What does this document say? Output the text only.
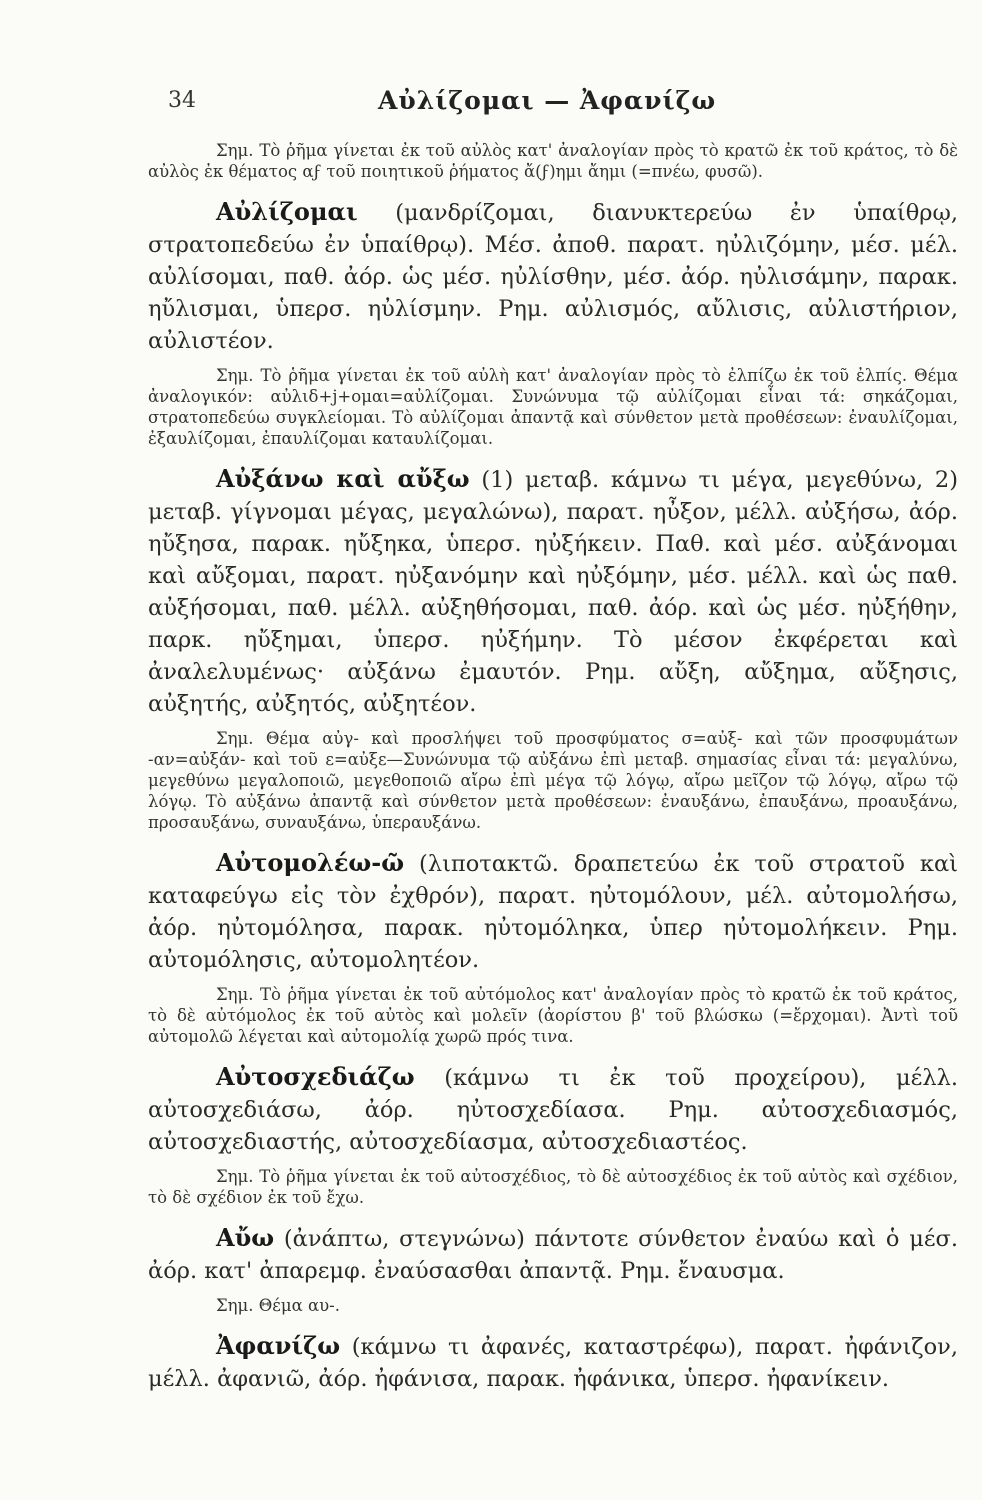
34	Αὐλίζομαι — Ἀφανίζω

Σημ. Τὸ ῥῆμα γίνεται ἐκ τοῦ αὐλὸς κατ' ἀναλογίαν πρὸς τὸ κρατῶ ἐκ τοῦ κράτος, τὸ δὲ αὐλὸς ἐκ θέματος αϝ τοῦ ποιητικοῦ ῥήματος ἄ(ϝ)ημι ἄημι (=πνέω, φυσῶ).

Αὐλίζομαι (μανδρίζομαι, διανυκτερεύω ἐν ὑπαίθρῳ, στρατοπεδεύω ἐν ὑπαίθρῳ). Μέσ. ἀποθ. παρατ. ηὐλιζόμην, μέσ. μέλ. αὐλίσομαι, παθ. ἀόρ. ὡς μέσ. ηὐλίσθην, μέσ. ἀόρ. ηὐλισάμην, παρακ. ηὔλισμαι, ὑπερσ. ηὐλίσμην. Ρημ. αὐλισμός, αὔλισις, αὐλιστήριον, αὐλιστέον.

Σημ. Τὸ ῥῆμα γίνεται ἐκ τοῦ αὐλὴ κατ' ἀναλογίαν πρὸς τὸ ἐλπίζω ἐκ τοῦ ἐλπίς. Θέμα ἀναλογικόν: αὐλιδ+j+ομαι=αὐλίζομαι. Συνώνυμα τῷ αὐλίζομαι εἶναι τά: σηκάζομαι, στρατοπεδεύω συγκλείομαι. Τὸ αὐλίζομαι ἀπαντᾷ καὶ σύνθετον μετὰ προθέσεων: ἐναυλίζομαι, ἐξαυλίζομαι, ἐπαυλίζομαι καταυλίζομαι.

Αὐξάνω καὶ αὔξω (1) μεταβ. κάμνω τι μέγα, μεγεθύνω, 2) μεταβ. γίγνομαι μέγας, μεγαλώνω), παρατ. ηὖξον, μέλλ. αὐξήσω, ἀόρ. ηὔξησα, παρακ. ηὔξηκα, ὑπερσ. ηὐξήκειν. Παθ. καὶ μέσ. αὐξάνομαι καὶ αὔξομαι, παρατ. ηὐξανόμην καὶ ηὐξόμην, μέσ. μέλλ. καὶ ὡς παθ. αὐξήσομαι, παθ. μέλλ. αὐξηθήσομαι, παθ. ἀόρ. καὶ ὡς μέσ. ηὐξήθην, παρκ. ηὔξημαι, ὑπερσ. ηὐξήμην. Τὸ μέσον ἐκφέρεται καὶ ἀναλελυμένως· αὐξάνω ἐμαυτόν. Ρημ. αὔξη, αὔξημα, αὔξησις, αὐξητής, αὐξητός, αὐξητέον.

Σημ. Θέμα αὐγ- καὶ προσλήψει τοῦ προσφύματος σ=αὐξ- καὶ τῶν προσφυμάτων -αν=αὐξάν- καὶ τοῦ ε=αὐξε—Συνώνυμα τῷ αὐξάνω ἐπὶ μεταβ. σημασίας εἶναι τά: μεγαλύνω, μεγεθύνω μεγαλοποιῶ, μεγεθοποιῶ αἴρω ἐπὶ μέγα τῷ λόγῳ, αἴρω μεῖζον τῷ λόγῳ, αἴρω τῷ λόγῳ. Τὸ αὐξάνω ἀπαντᾷ καὶ σύνθετον μετὰ προθέσεων: ἐναυξάνω, ἐπαυξάνω, προαυξάνω, προσαυξάνω, συναυξάνω, ὑπεραυξάνω.

Αὐτομολέω-ῶ (λιποτακτῶ. δραπετεύω ἐκ τοῦ στρατοῦ καὶ καταφεύγω εἰς τὸν ἐχθρόν), παρατ. ηὐτομόλουν, μέλ. αὐτομολήσω, ἀόρ. ηὐτομόλησα, παρακ. ηὐτομόληκα, ὑπερ ηὐτομολήκειν. Ρημ. αὐτομόλησις, αὐτομολητέον.

Σημ. Τὸ ῥῆμα γίνεται ἐκ τοῦ αὐτόμολος κατ' ἀναλογίαν πρὸς τὸ κρατῶ ἐκ τοῦ κράτος, τὸ δὲ αὐτόμολος ἐκ τοῦ αὐτὸς καὶ μολεῖν (ἀορίστου β' τοῦ βλώσκω (=ἔρχομαι). Ἀντὶ τοῦ αὐτομολῶ λέγεται καὶ αὐτομολίᾳ χωρῶ πρός τινα.

Αὐτοσχεδιάζω (κάμνω τι ἐκ τοῦ προχείρου), μέλλ. αὐτοσχεδιάσω, ἀόρ. ηὐτοσχεδίασα. Ρημ. αὐτοσχεδιασμός, αὐτοσχεδιαστής, αὐτοσχεδίασμα, αὐτοσχεδιαστέος.

Σημ. Τὸ ῥῆμα γίνεται ἐκ τοῦ αὐτοσχέδιος, τὸ δὲ αὐτοσχέδιος ἐκ τοῦ αὐτὸς καὶ σχέδιον, τὸ δὲ σχέδιον ἐκ τοῦ ἔχω.

Αὔω (ἀνάπτω, στεγνώνω) πάντοτε σύνθετον ἐναύω καὶ ὁ μέσ. ἀόρ. κατ' ἀπαρεμφ. ἐναύσασθαι ἀπαντᾷ. Ρημ. ἔναυσμα.

Σημ. Θέμα αυ-.

Ἀφανίζω (κάμνω τι ἀφανές, καταστρέφω), παρατ. ἠφάνιζον, μέλλ. ἀφανιῶ, ἀόρ. ἠφάνισα, παρακ. ἠφάνικα, ὑπερσ. ἠφανίκειν.
